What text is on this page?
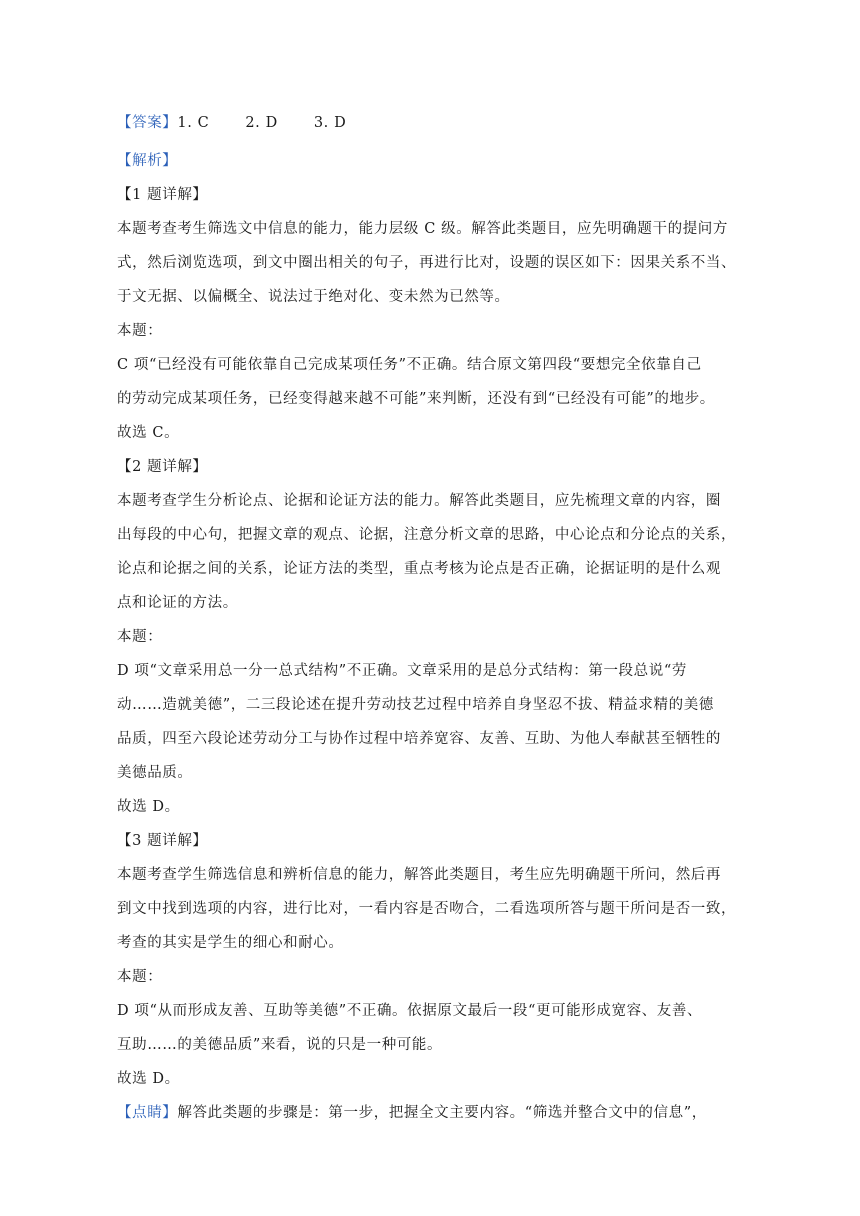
【答案】1. C 2. D 3. D
【解析】
【1 题详解】
本题考查考生筛选文中信息的能力，能力层级 C 级。解答此类题目，应先明确题干的提问方
式，然后浏览选项，到文中圈出相关的句子，再进行比对，设题的误区如下：因果关系不当、
于文无据、以偏概全、说法过于绝对化、变未然为已然等。
本题：
C 项“已经没有可能依靠自己完成某项任务”不正确。结合原文第四段“要想完全依靠自己
的劳动完成某项任务，已经变得越来越不可能”来判断，还没有到“已经没有可能”的地步。
故选 C。
【2 题详解】
本题考查学生分析论点、论据和论证方法的能力。解答此类题目，应先梳理文章的内容，圈
出每段的中心句，把握文章的观点、论据，注意分析文章的思路，中心论点和分论点的关系，
论点和论据之间的关系，论证方法的类型，重点考核为论点是否正确，论据证明的是什么观
点和论证的方法。
本题：
D 项“文章采用总一分一总式结构”不正确。文章采用的是总分式结构：第一段总说“劳
动……造就美德”，二三段论述在提升劳动技艺过程中培养自身坚忍不拔、精益求精的美德
品质，四至六段论述劳动分工与协作过程中培养宽容、友善、互助、为他人奉献甚至牺牲的
美德品质。
故选 D。
【3 题详解】
本题考查学生筛选信息和辨析信息的能力，解答此类题目，考生应先明确题干所问，然后再
到文中找到选项的内容，进行比对，一看内容是否吻合，二看选项所答与题干所问是否一致，
考查的其实是学生的细心和耐心。
本题：
D 项“从而形成友善、互助等美德”不正确。依据原文最后一段“更可能形成宽容、友善、
互助……的美德品质”来看，说的只是一种可能。
故选 D。
【点睛】解答此类题的步骤是：第一步，把握全文主要内容。“筛选并整合文中的信息”，
